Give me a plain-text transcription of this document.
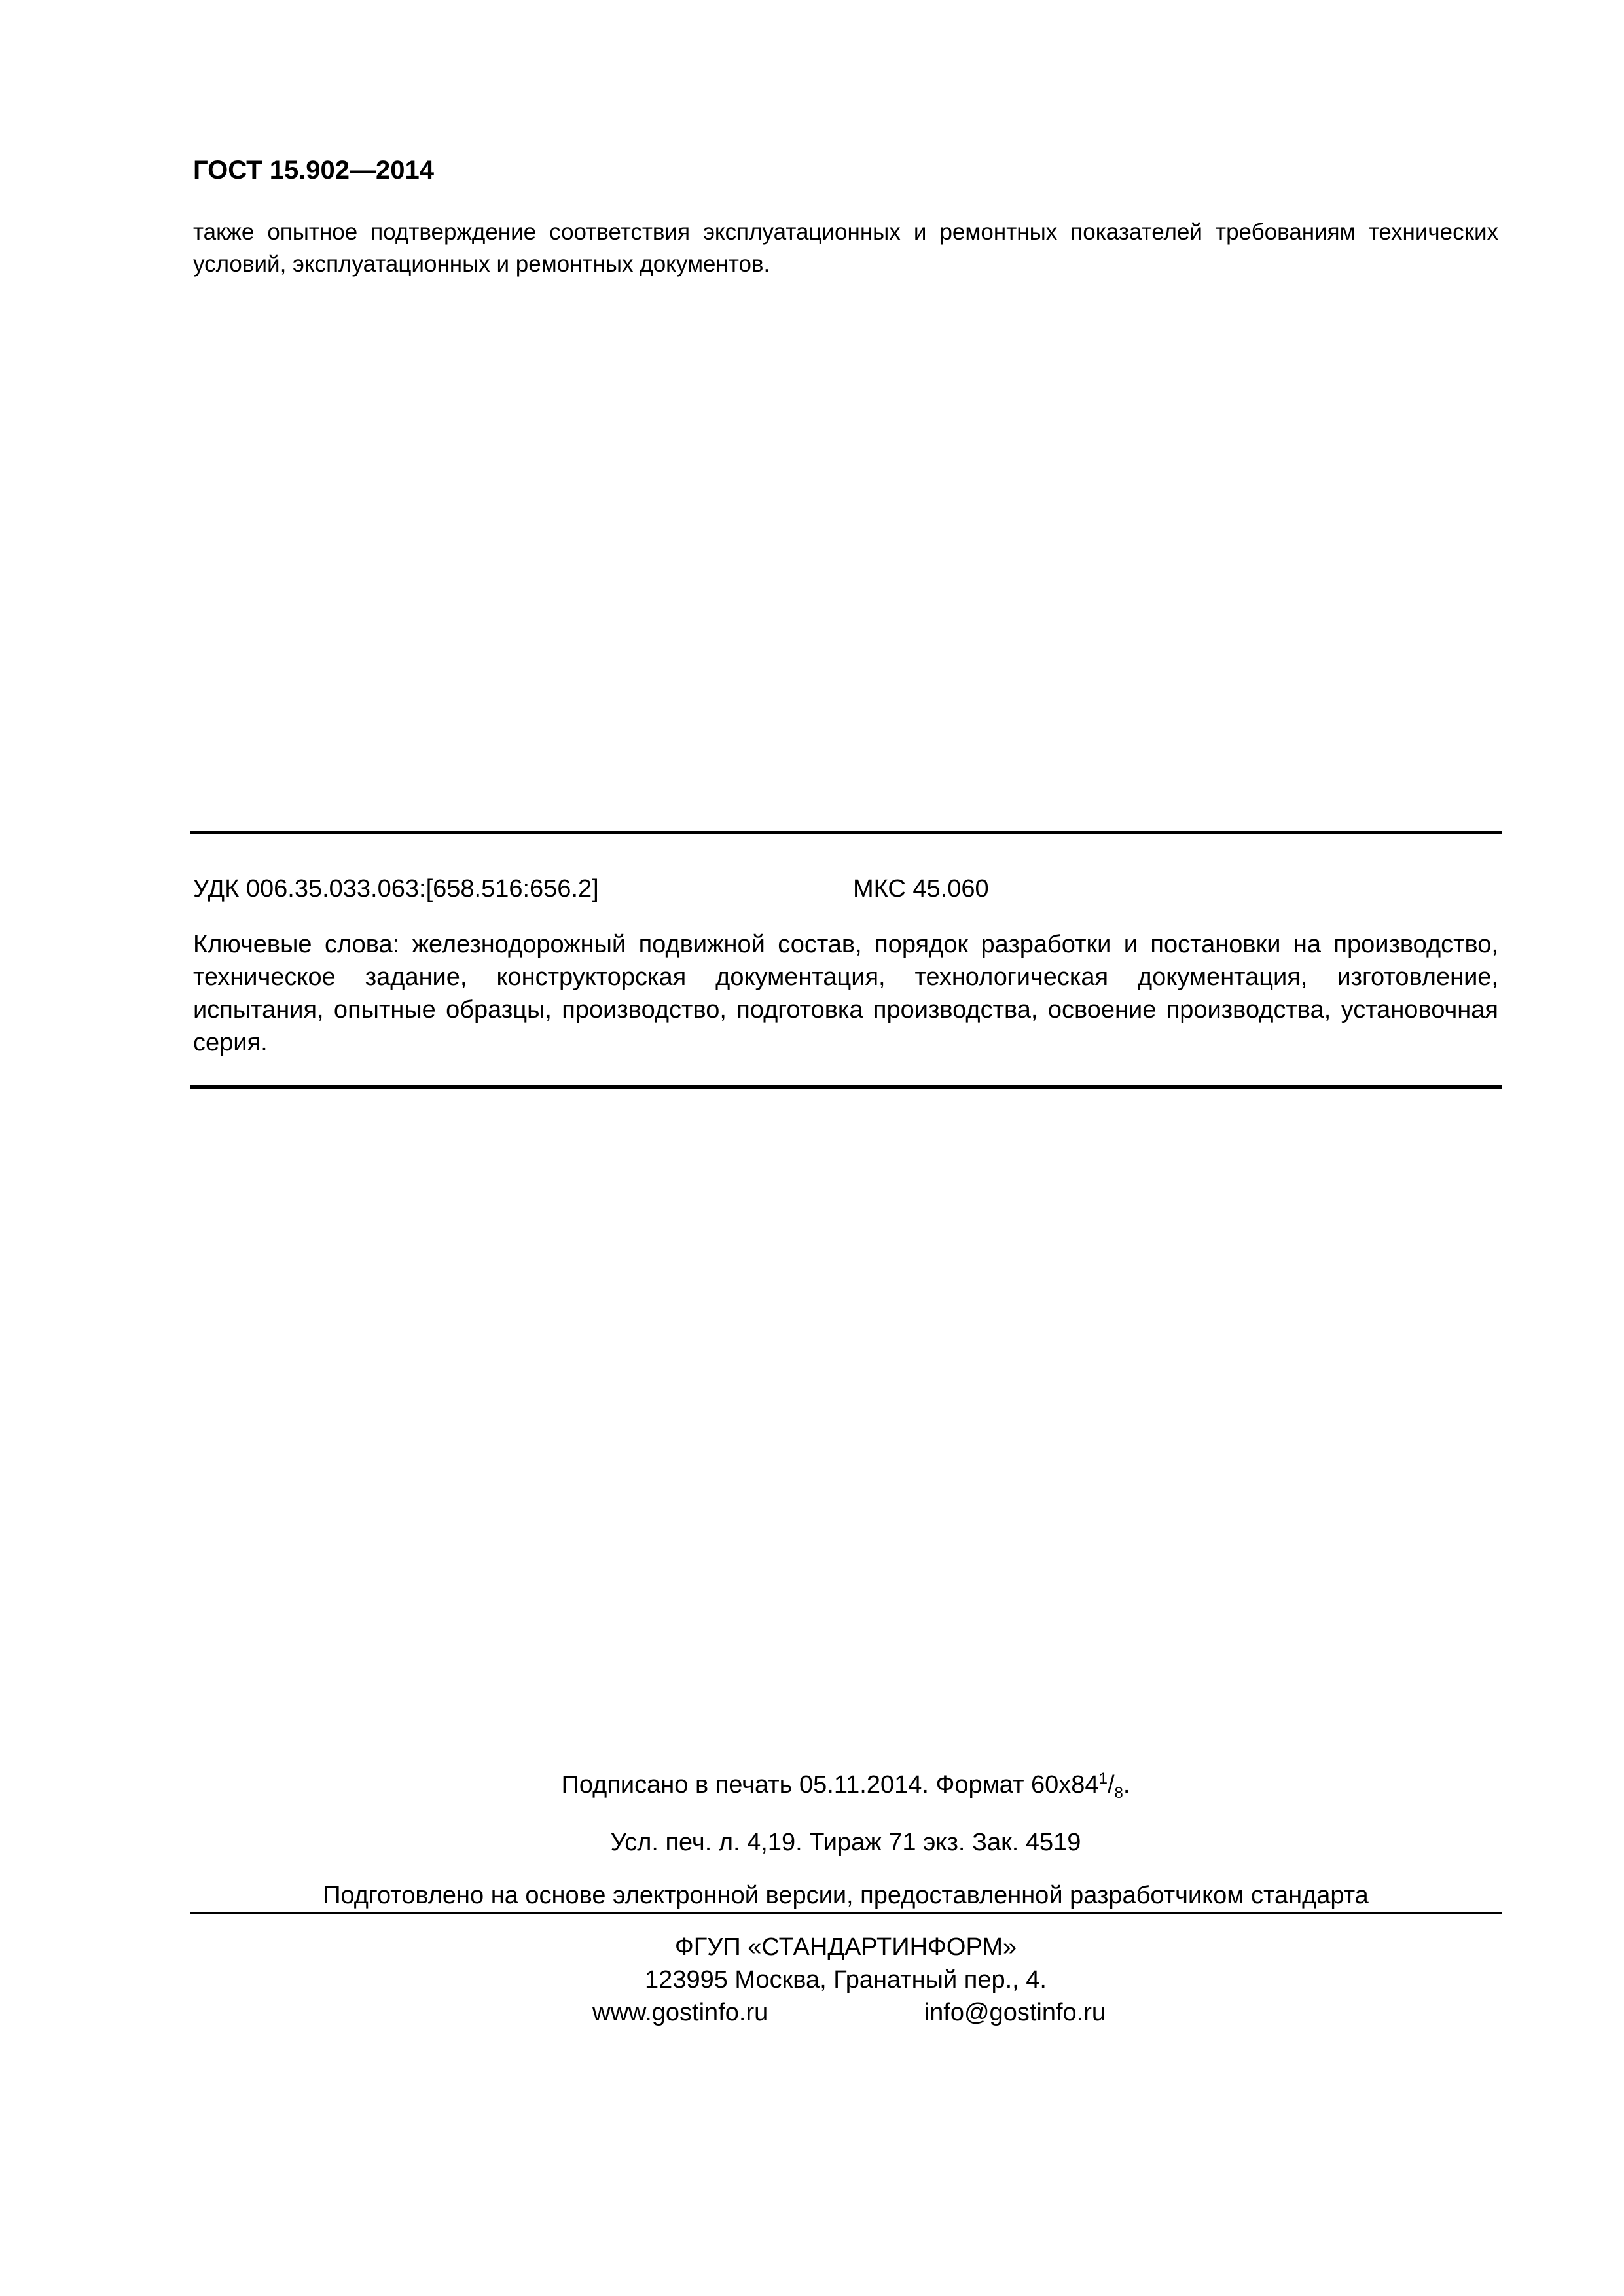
ГОСТ 15.902—2014
также опытное подтверждение соответствия эксплуатационных и ремонтных показателей требованиям технических условий, эксплуатационных и ремонтных документов.
УДК 006.35.033.063:[658.516:656.2]	МКС 45.060
Ключевые слова: железнодорожный подвижной состав, порядок разработки и постановки на производство, техническое задание, конструкторская документация, технологическая документация, изготовление, испытания, опытные образцы, производство, подготовка производства, освоение производства, установочная серия.
Подписано в печать 05.11.2014. Формат $60x84^1/_8$.
Усл. печ. л. 4,19. Тираж 71 экз. Зак. 4519
Подготовлено на основе электронной версии, предоставленной разработчиком стандарта
ФГУП «СТАНДАРТИНФОРМ»
123995 Москва, Гранатный пер., 4.
www.gostinfo.ru	info@gostinfo.ru
